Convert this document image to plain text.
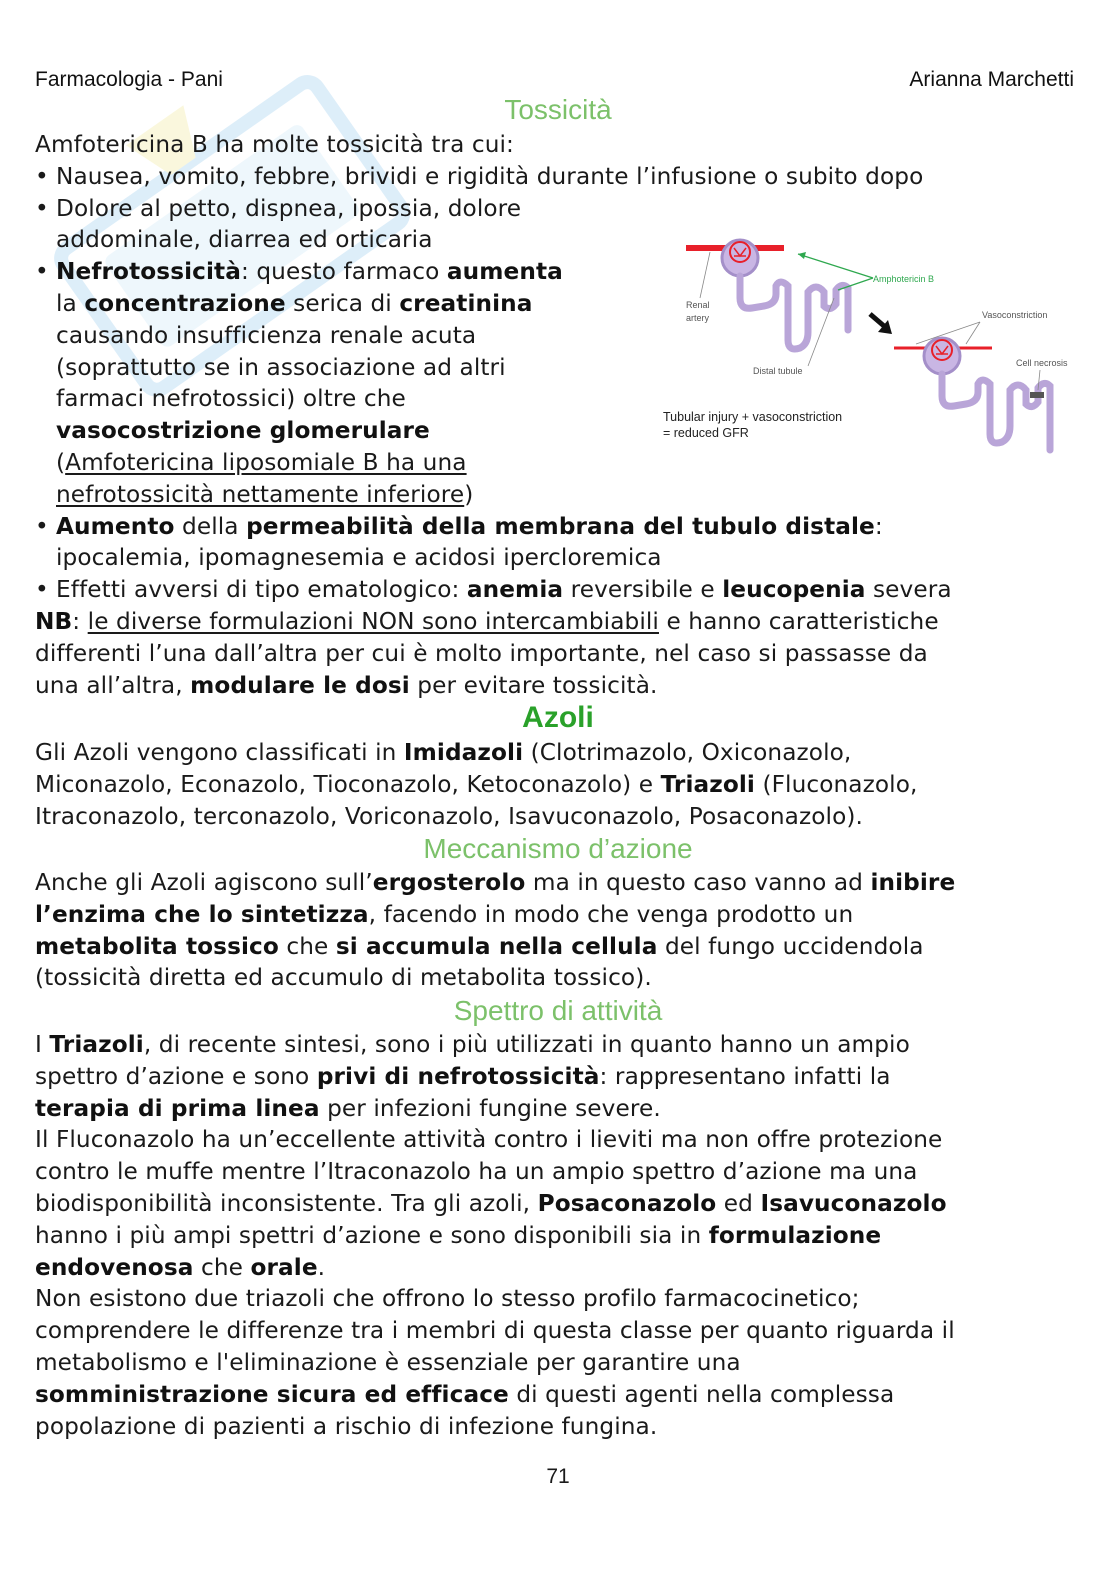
Farmacologia - Pani	Arianna Marchetti
Tossicità
Amfotericina B ha molte tossicità tra cui:
• Nausea, vomito, febbre, brividi e rigidità durante l’infusione o subito dopo
• Dolore al petto, dispnea, ipossia, dolore
addominale, diarrea ed orticaria
• Nefrotossicità: questo farmaco aumenta
la concentrazione serica di creatinina
causando insufficienza renale acuta
(soprattutto se in associazione ad altri
farmaci nefrotossici) oltre che
vasocostrizione glomerulare
(Amfotericina liposomiale B ha una
nefrotossicità nettamente inferiore)
• Aumento della permeabilità della membrana del tubulo distale:
ipocalemia, ipomagnesemia e acidosi ipercloremica
• Effetti avversi di tipo ematologico: anemia reversibile e leucopenia severa
NB: le diverse formulazioni NON sono intercambiabili e hanno caratteristiche
differenti l’una dall’altra per cui è molto importante, nel caso si passasse da
una all’altra, modulare le dosi per evitare tossicità.
Amphotericin B
Renal
artery
Distal tubule
Vasoconstriction
Cell necrosis
Tubular injury + vasoconstriction
= reduced GFR
Azoli
Gli Azoli vengono classificati in Imidazoli (Clotrimazolo, Oxiconazolo,
Miconazolo, Econazolo, Tioconazolo, Ketoconazolo) e Triazoli (Fluconazolo,
Itraconazolo, terconazolo, Voriconazolo, Isavuconazolo, Posaconazolo).
Meccanismo d’azione
Anche gli Azoli agiscono sull’ergosterolo ma in questo caso vanno ad inibire
l’enzima che lo sintetizza, facendo in modo che venga prodotto un
metabolita tossico che si accumula nella cellula del fungo uccidendola
(tossicità diretta ed accumulo di metabolita tossico).
Spettro di attività
I Triazoli, di recente sintesi, sono i più utilizzati in quanto hanno un ampio
spettro d’azione e sono privi di nefrotossicità: rappresentano infatti la
terapia di prima linea per infezioni fungine severe.
Il Fluconazolo ha un’eccellente attività contro i lieviti ma non offre protezione
contro le muffe mentre l’Itraconazolo ha un ampio spettro d’azione ma una
biodisponibilità inconsistente. Tra gli azoli, Posaconazolo ed Isavuconazolo
hanno i più ampi spettri d’azione e sono disponibili sia in formulazione
endovenosa che orale.
Non esistono due triazoli che offrono lo stesso profilo farmacocinetico;
comprendere le differenze tra i membri di questa classe per quanto riguarda il
metabolismo e l'eliminazione è essenziale per garantire una
somministrazione sicura ed efficace di questi agenti nella complessa
popolazione di pazienti a rischio di infezione fungina.
71
